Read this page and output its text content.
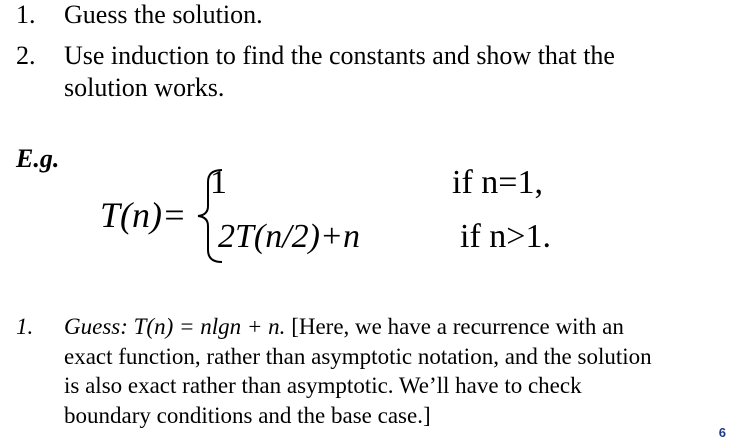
1.	Guess the solution.
2.	Use induction to find the constants and show that the
solution works.
E.g.
T(n)=
1
2T(n/2)+n
if n=1,
if n>1.
1. Guess: T(n) = nlgn + n. [Here, we have a recurrence with an
exact function, rather than asymptotic notation, and the solution
is also exact rather than asymptotic. We’ll have to check
boundary conditions and the base case.]
6
